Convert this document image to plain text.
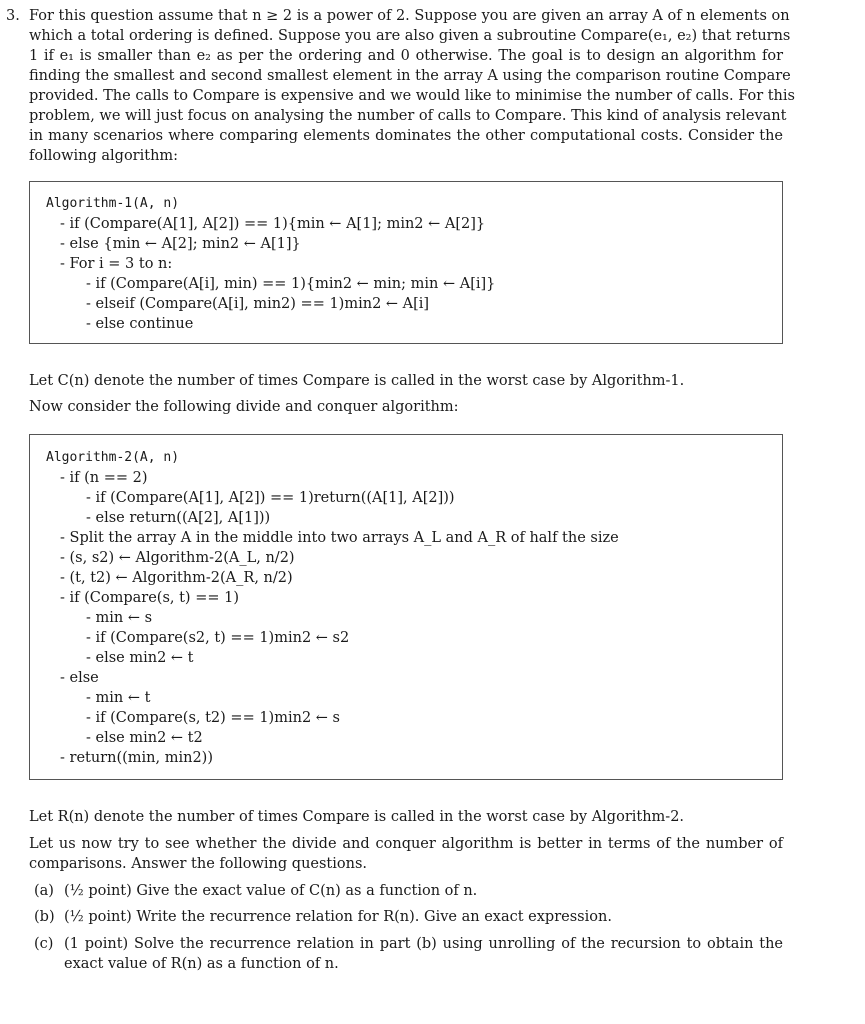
3. For this question assume that n ≥ 2 is a power of 2. Suppose you are given an array A of n elements on
which a total ordering is defined. Suppose you are also given a subroutine Compare(e₁, e₂) that returns
1 if e₁ is smaller than e₂ as per the ordering and 0 otherwise. The goal is to design an algorithm for
finding the smallest and second smallest element in the array A using the comparison routine Compare
provided. The calls to Compare is expensive and we would like to minimise the number of calls. For this
problem, we will just focus on analysing the number of calls to Compare. This kind of analysis relevant
in many scenarios where comparing elements dominates the other computational costs. Consider the
following algorithm:
Algorithm-1(A, n)
- if (Compare(A[1], A[2]) == 1){min ← A[1]; min2 ← A[2]}
- else {min ← A[2]; min2 ← A[1]}
- For i = 3 to n:
- if (Compare(A[i], min) == 1){min2 ← min; min ← A[i]}
- elseif (Compare(A[i], min2) == 1)min2 ← A[i]
- else continue
Let C(n) denote the number of times Compare is called in the worst case by Algorithm-1.
Now consider the following divide and conquer algorithm:
Algorithm-2(A, n)
- if (n == 2)
- if (Compare(A[1], A[2]) == 1)return((A[1], A[2]))
- else return((A[2], A[1]))
- Split the array A in the middle into two arrays A_L and A_R of half the size
- (s, s2) ← Algorithm-2(A_L, n/2)
- (t, t2) ← Algorithm-2(A_R, n/2)
- if (Compare(s, t) == 1)
- min ← s
- if (Compare(s2, t) == 1)min2 ← s2
- else min2 ← t
- else
- min ← t
- if (Compare(s, t2) == 1)min2 ← s
- else min2 ← t2
- return((min, min2))
Let R(n) denote the number of times Compare is called in the worst case by Algorithm-2.
Let us now try to see whether the divide and conquer algorithm is better in terms of the number of
comparisons. Answer the following questions.
(a) (½ point) Give the exact value of C(n) as a function of n.
(b) (½ point) Write the recurrence relation for R(n). Give an exact expression.
(c) (1 point) Solve the recurrence relation in part (b) using unrolling of the recursion to obtain the
exact value of R(n) as a function of n.
